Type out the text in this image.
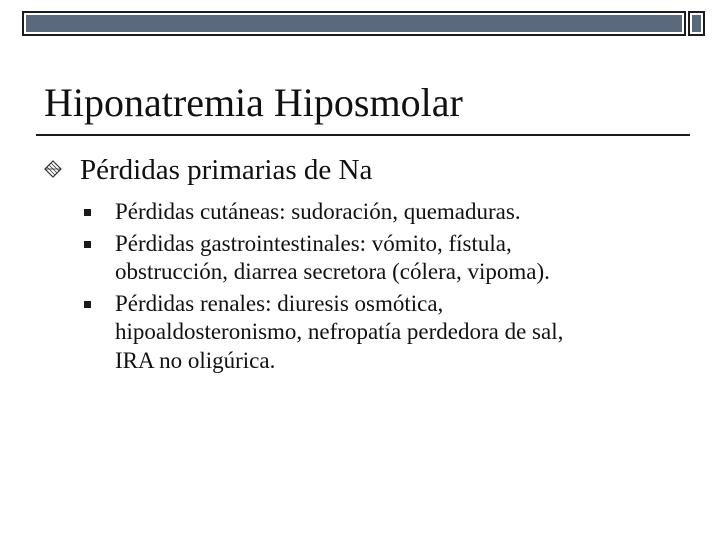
Hiponatremia Hiposmolar
Pérdidas primarias de Na
Pérdidas cutáneas: sudoración, quemaduras.
Pérdidas gastrointestinales: vómito, fístula,
obstrucción, diarrea secretora (cólera, vipoma).
Pérdidas renales: diuresis osmótica,
hipoaldosteronismo, nefropatía perdedora de sal,
IRA no oligúrica.
